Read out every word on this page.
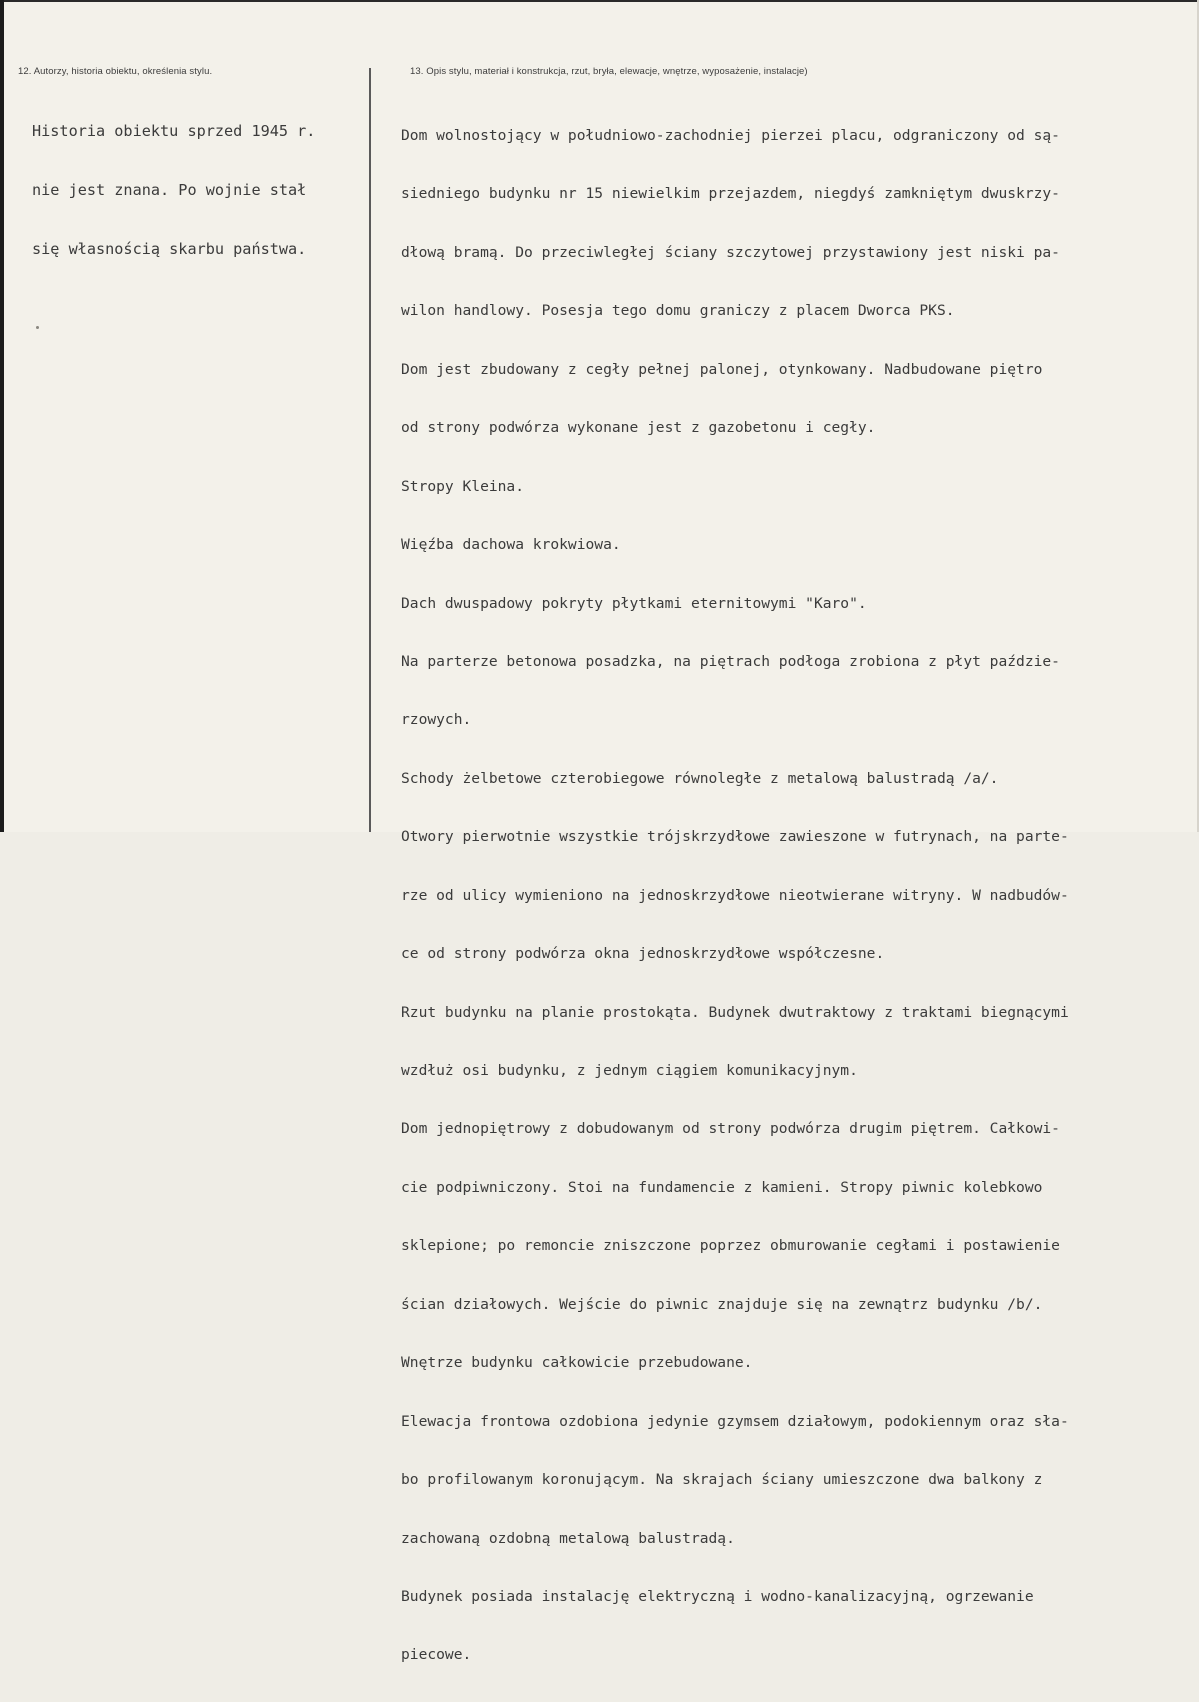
12. Autorzy, historia obiektu, określenia stylu.	13. Opis stylu, materiał i konstrukcja, rzut, bryła, elewacje, wnętrze, wyposażenie, instalacje)

Historia obiektu sprzed 1945 r.

nie jest znana. Po wojnie stał

się własnością skarbu państwa.

Dom wolnostojący w południowo-zachodniej pierzei placu, odgraniczony od są-

siedniego budynku nr 15 niewielkim przejazdem, niegdyś zamkniętym dwuskrzy-

dłową bramą. Do przeciwległej ściany szczytowej przystawiony jest niski pa-

wilon handlowy. Posesja tego domu graniczy z placem Dworca PKS.

Dom jest zbudowany z cegły pełnej palonej, otynkowany. Nadbudowane piętro

od strony podwórza wykonane jest z gazobetonu i cegły.

Stropy Kleina.

Więźba dachowa krokwiowa.

Dach dwuspadowy pokryty płytkami eternitowymi "Karo".

Na parterze betonowa posadzka, na piętrach podłoga zrobiona z płyt paździe-

rzowych.

Schody żelbetowe czterobiegowe równoległe z metalową balustradą /a/.

Otwory pierwotnie wszystkie trójskrzydłowe zawieszone w futrynach, na parte-

rze od ulicy wymieniono na jednoskrzydłowe nieotwierane witryny. W nadbudów-

ce od strony podwórza okna jednoskrzydłowe współczesne.

Rzut budynku na planie prostokąta. Budynek dwutraktowy z traktami biegnącymi

wzdłuż osi budynku, z jednym ciągiem komunikacyjnym.

Dom jednopiętrowy z dobudowanym od strony podwórza drugim piętrem. Całkowi-

cie podpiwniczony. Stoi na fundamencie z kamieni. Stropy piwnic kolebkowo

sklepione; po remoncie zniszczone poprzez obmurowanie cegłami i postawienie

ścian działowych. Wejście do piwnic znajduje się na zewnątrz budynku /b/.

Wnętrze budynku całkowicie przebudowane.

Elewacja frontowa ozdobiona jedynie gzymsem działowym, podokiennym oraz sła-

bo profilowanym koronującym. Na skrajach ściany umieszczone dwa balkony z

zachowaną ozdobną metalową balustradą.

Budynek posiada instalację elektryczną i wodno-kanalizacyjną, ogrzewanie

piecowe.
